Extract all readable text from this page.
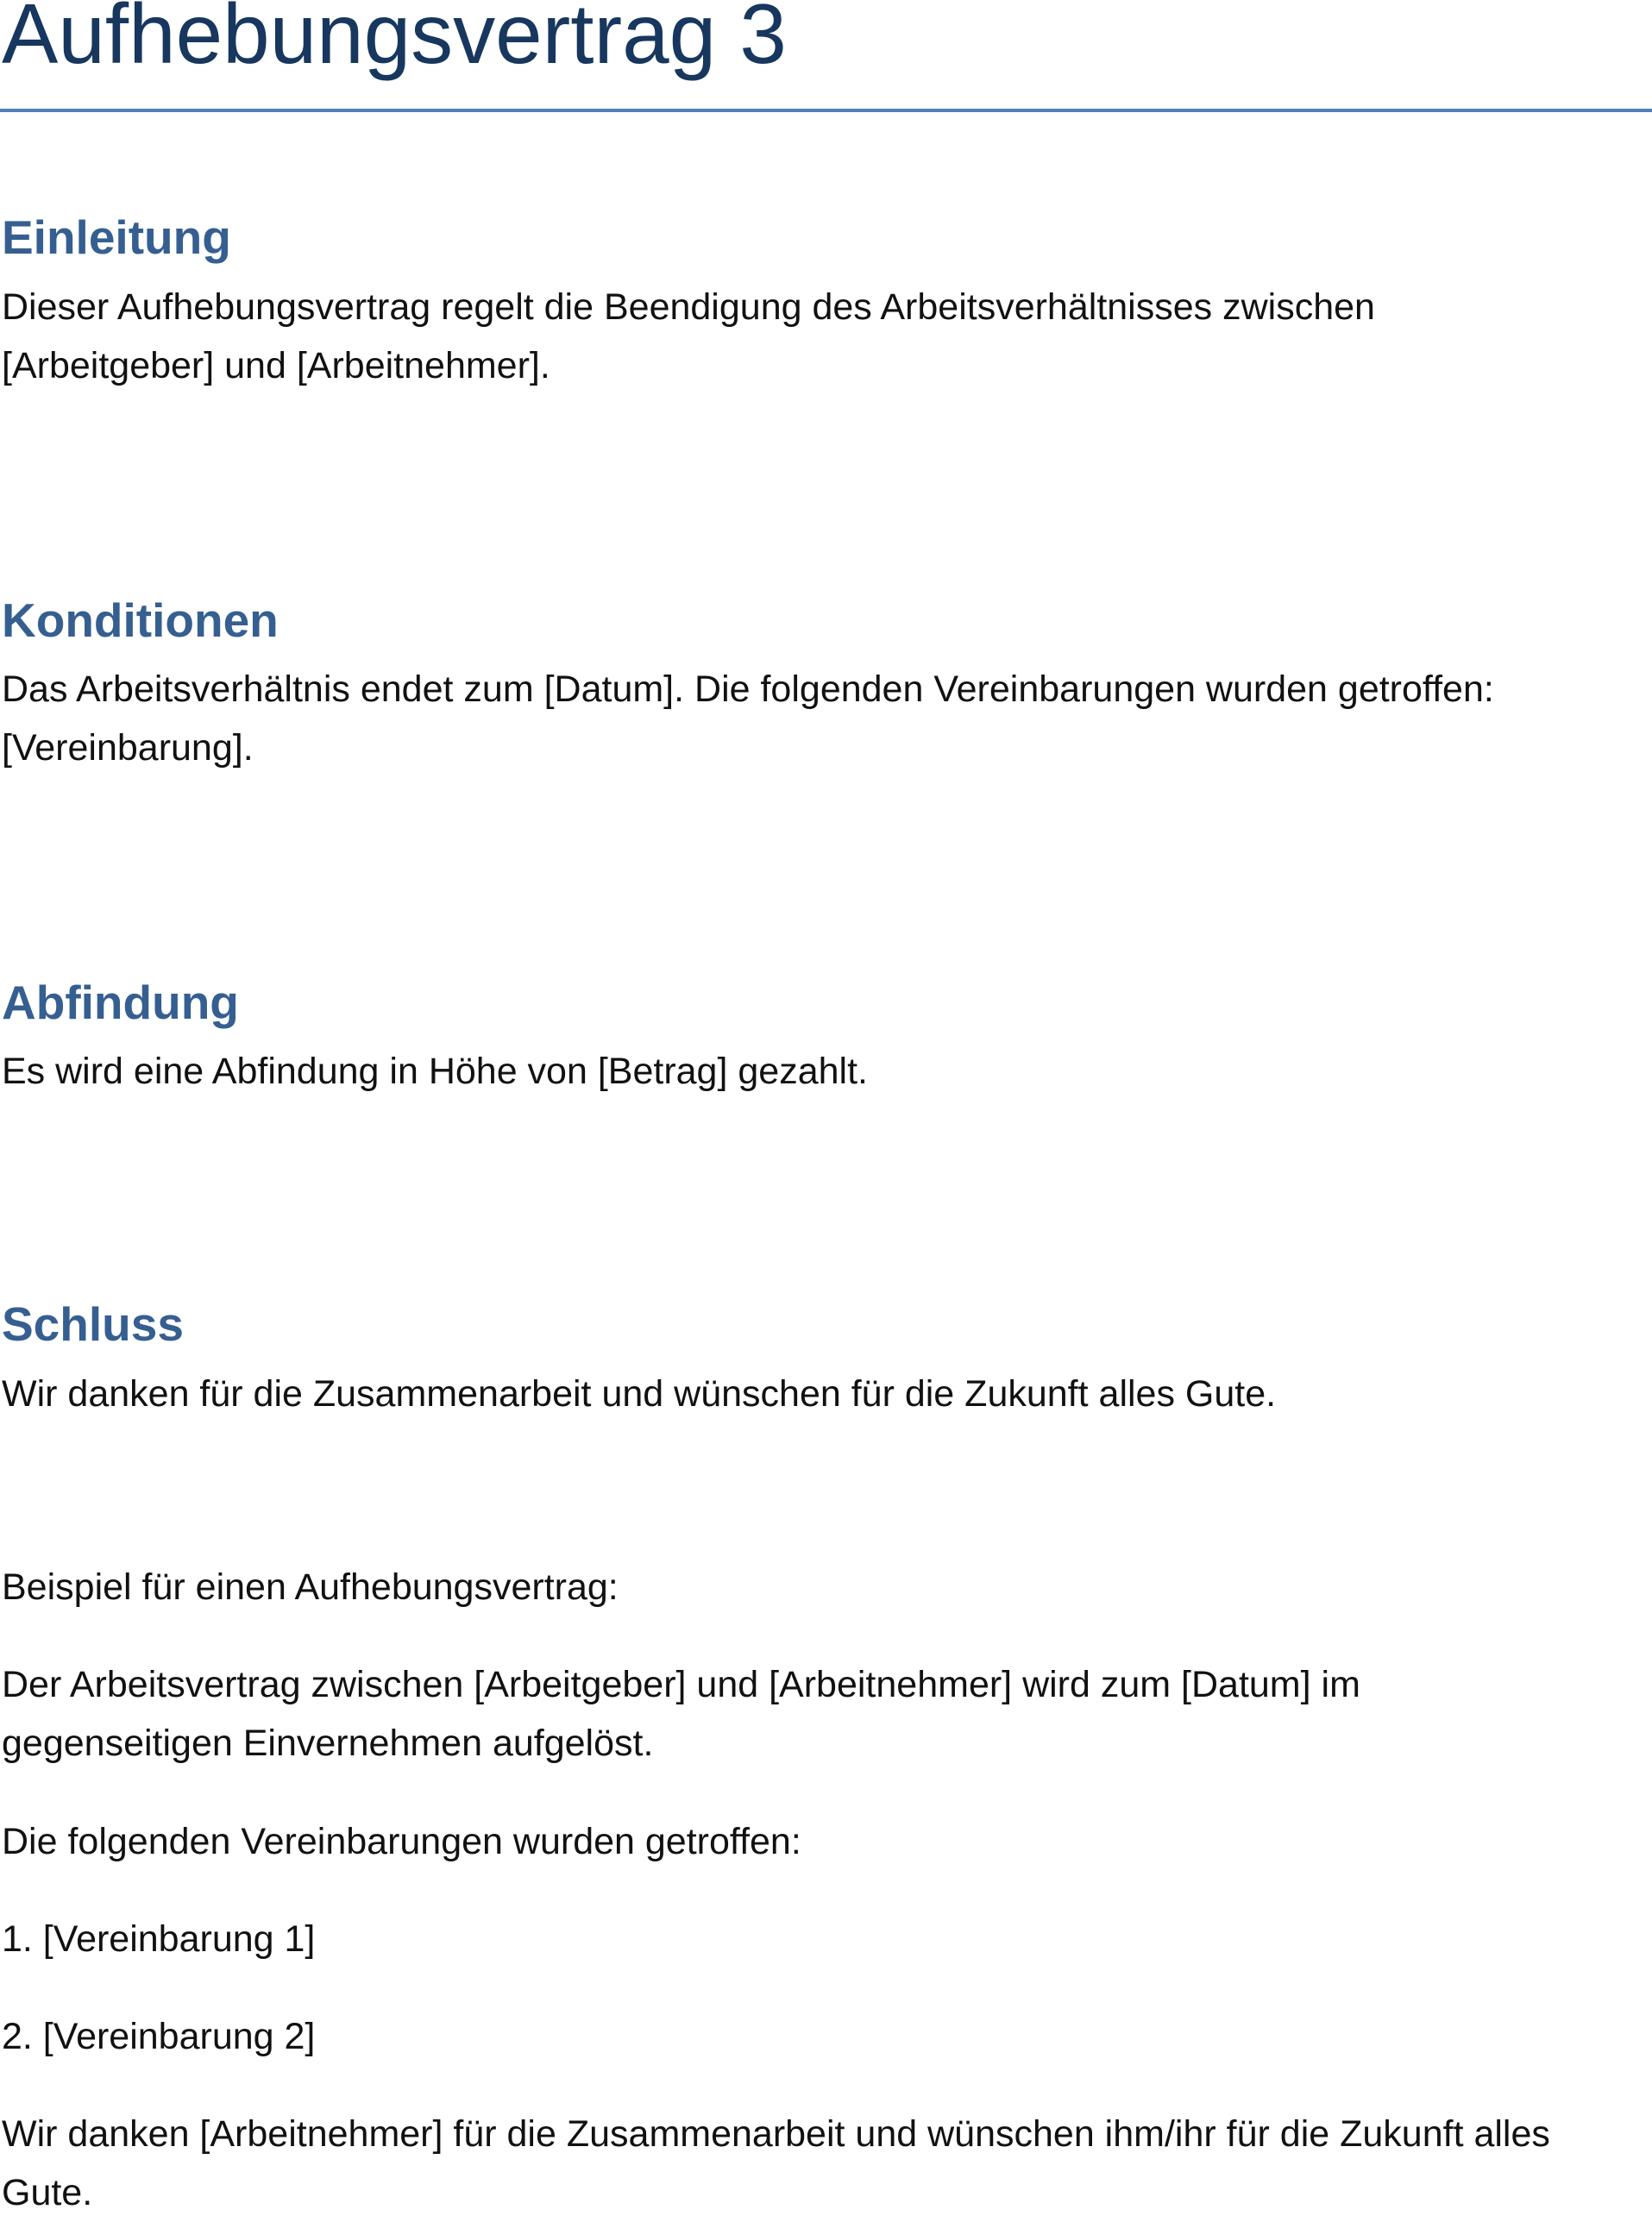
Aufhebungsvertrag 3
Einleitung

Dieser Aufhebungsvertrag regelt die Beendigung des Arbeitsverhältnisses zwischen

[Arbeitgeber] und [Arbeitnehmer].

Konditionen

Das Arbeitsverhältnis endet zum [Datum]. Die folgenden Vereinbarungen wurden getroffen:

[Vereinbarung].

Abfindung

Es wird eine Abfindung in Höhe von [Betrag] gezahlt.

Schluss

Wir danken für die Zusammenarbeit und wünschen für die Zukunft alles Gute.

Beispiel für einen Aufhebungsvertrag:

Der Arbeitsvertrag zwischen [Arbeitgeber] und [Arbeitnehmer] wird zum [Datum] im

gegenseitigen Einvernehmen aufgelöst.

Die folgenden Vereinbarungen wurden getroffen:

1. [Vereinbarung 1]

2. [Vereinbarung 2]

Wir danken [Arbeitnehmer] für die Zusammenarbeit und wünschen ihm/ihr für die Zukunft alles

Gute.
